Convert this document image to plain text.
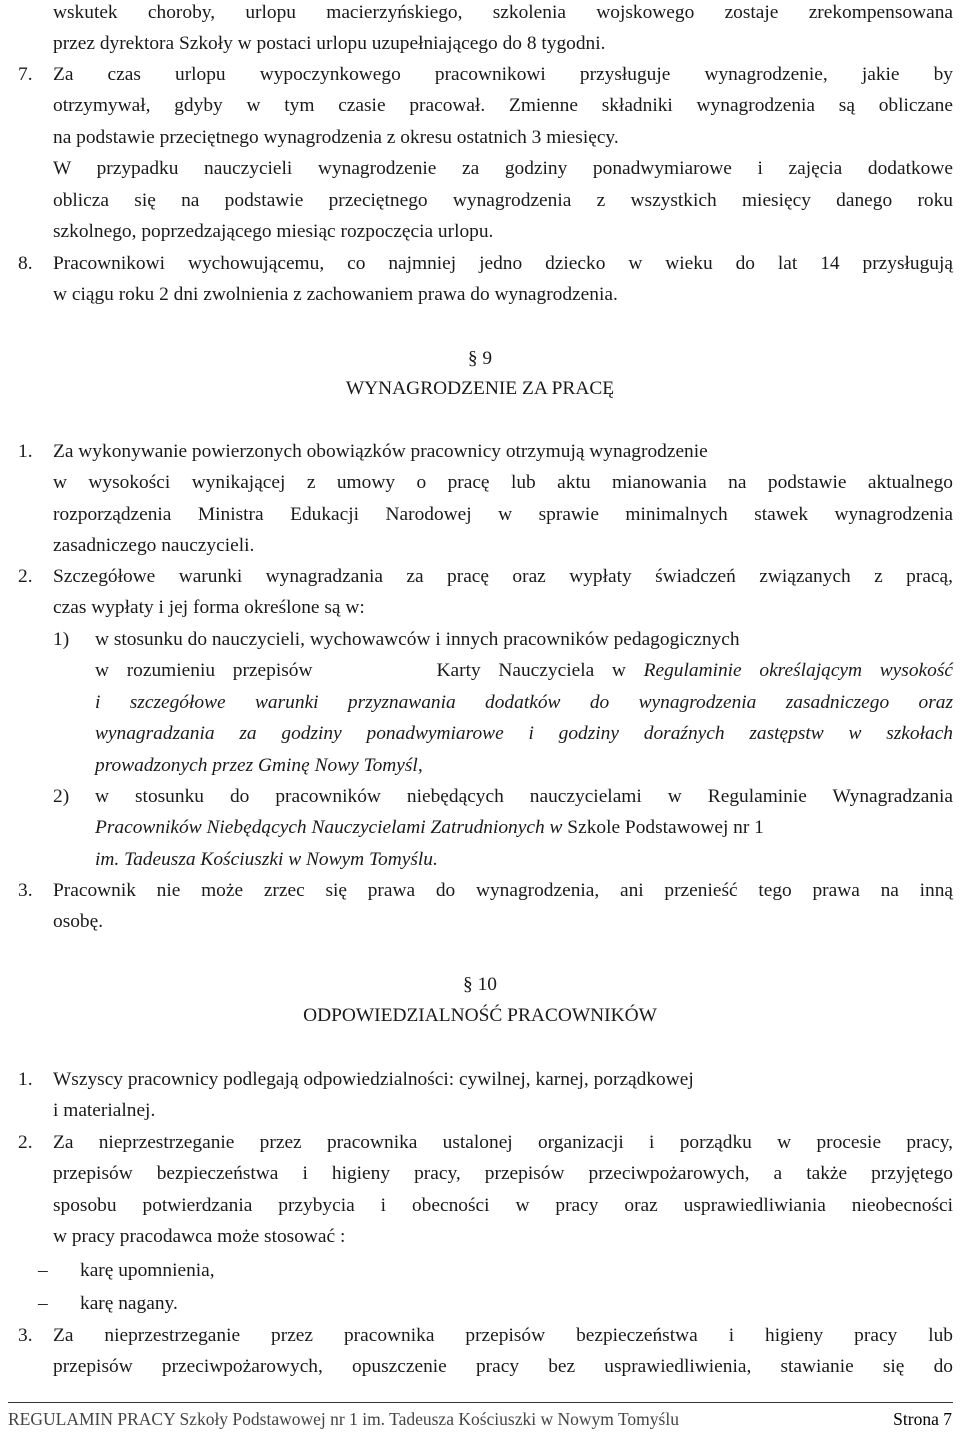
wskutek choroby, urlopu macierzyńskiego, szkolenia wojskowego zostaje zrekompensowana
przez dyrektora Szkoły w postaci urlopu uzupełniającego do 8 tygodni.
7. Za czas urlopu wypoczynkowego pracownikowi przysługuje wynagrodzenie, jakie by
otrzymywał, gdyby w tym czasie pracował. Zmienne składniki wynagrodzenia są obliczane
na podstawie przeciętnego wynagrodzenia z okresu ostatnich 3 miesięcy.
W przypadku nauczycieli wynagrodzenie za godziny ponadwymiarowe i zajęcia dodatkowe
oblicza się na podstawie przeciętnego wynagrodzenia z wszystkich miesięcy danego roku
szkolnego, poprzedzającego miesiąc rozpoczęcia urlopu.
8. Pracownikowi wychowującemu, co najmniej jedno dziecko w wieku do lat 14 przysługują
w ciągu roku 2 dni zwolnienia z zachowaniem prawa do wynagrodzenia.
§ 9
WYNAGRODZENIE ZA PRACĘ
1. Za wykonywanie powierzonych obowiązków pracownicy otrzymują wynagrodzenie
w wysokości wynikającej z umowy o pracę lub aktu mianowania na podstawie aktualnego
rozporządzenia Ministra Edukacji Narodowej w sprawie minimalnych stawek wynagrodzenia
zasadniczego nauczycieli.
2. Szczegółowe warunki wynagradzania za pracę oraz wypłaty świadczeń związanych z pracą,
czas wypłaty i jej forma określone są w:
1) w stosunku do nauczycieli, wychowawców i innych pracowników pedagogicznych
w rozumieniu przepisów       Karty Nauczyciela w Regulaminie określającym wysokość
i szczegółowe warunki przyznawania dodatków do wynagrodzenia zasadniczego oraz
wynagradzania za godziny ponadwymiarowe i godziny doraźnych zastępstw w szkołach
prowadzonych przez Gminę Nowy Tomyśl,
2) w stosunku do pracowników niebędących nauczycielami w Regulaminie Wynagradzania
Pracowników Niebędących Nauczycielami Zatrudnionych w Szkole Podstawowej nr 1
im. Tadeusza Kościuszki w Nowym Tomyślu.
3. Pracownik nie może zrzec się prawa do wynagrodzenia, ani przenieść tego prawa na inną
osobę.
§ 10
ODPOWIEDZIALNOŚĆ PRACOWNIKÓW
1. Wszyscy pracownicy podlegają odpowiedzialności: cywilnej, karnej, porządkowej
i materialnej.
2. Za nieprzestrzeganie przez pracownika ustalonej organizacji i porządku w procesie pracy,
przepisów bezpieczeństwa i higieny pracy, przepisów przeciwpożarowych, a także przyjętego
sposobu potwierdzania przybycia i obecności w pracy oraz usprawiedliwiania nieobecności
w pracy pracodawca może stosować :
– karę upomnienia,
– karę nagany.
3. Za nieprzestrzeganie przez pracownika przepisów bezpieczeństwa i higieny pracy lub
przepisów przeciwpożarowych, opuszczenie pracy bez usprawiedliwienia, stawianie się do
REGULAMIN PRACY Szkoły Podstawowej nr 1 im. Tadeusza Kościuszki w Nowym Tomyślu	Strona 7
